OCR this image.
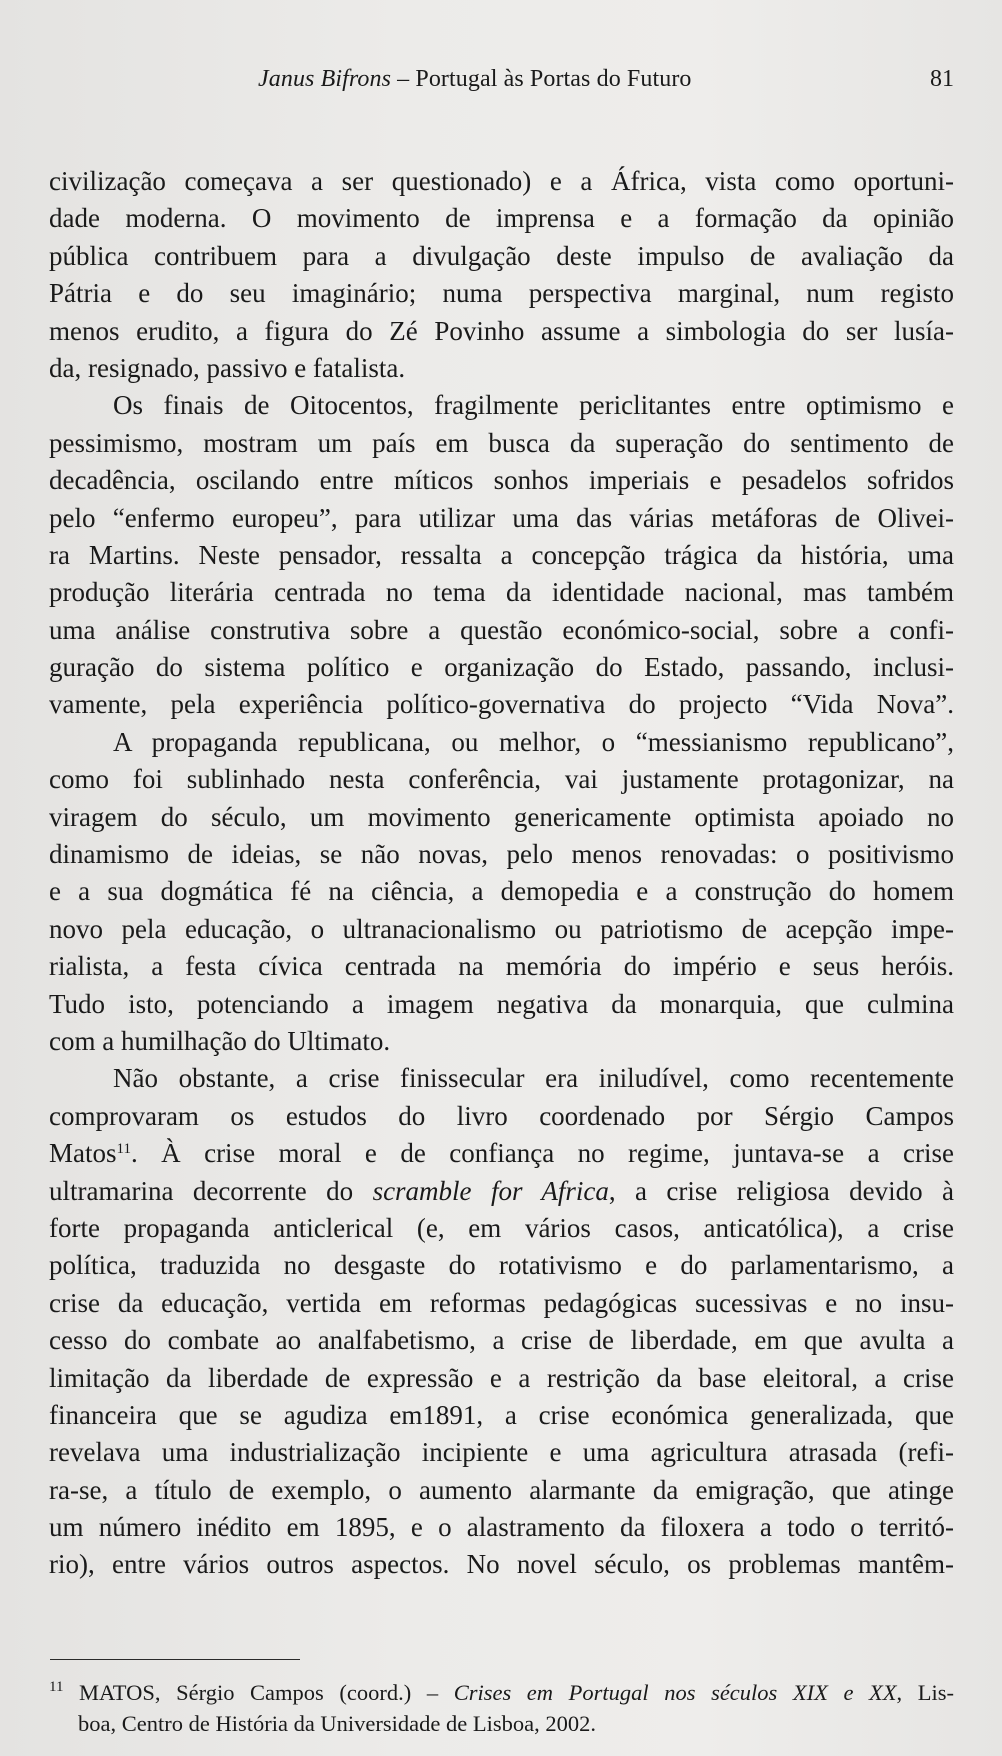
Janus Bifrons – Portugal às Portas do Futuro	81
civilização começava a ser questionado) e a África, vista como oportuni-
dade moderna. O movimento de imprensa e a formação da opinião
pública contribuem para a divulgação deste impulso de avaliação da
Pátria e do seu imaginário; numa perspectiva marginal, num registo
menos erudito, a figura do Zé Povinho assume a simbologia do ser lusía-
da, resignado, passivo e fatalista.
Os finais de Oitocentos, fragilmente periclitantes entre optimismo e
pessimismo, mostram um país em busca da superação do sentimento de
decadência, oscilando entre míticos sonhos imperiais e pesadelos sofridos
pelo “enfermo europeu”, para utilizar uma das várias metáforas de Olivei-
ra Martins. Neste pensador, ressalta a concepção trágica da história, uma
produção literária centrada no tema da identidade nacional, mas também
uma análise construtiva sobre a questão económico-social, sobre a confi-
guração do sistema político e organização do Estado, passando, inclusi-
vamente, pela experiência político-governativa do projecto “Vida Nova”.
A propaganda republicana, ou melhor, o “messianismo republicano”,
como foi sublinhado nesta conferência, vai justamente protagonizar, na
viragem do século, um movimento genericamente optimista apoiado no
dinamismo de ideias, se não novas, pelo menos renovadas: o positivismo
e a sua dogmática fé na ciência, a demopedia e a construção do homem
novo pela educação, o ultranacionalismo ou patriotismo de acepção impe-
rialista, a festa cívica centrada na memória do império e seus heróis.
Tudo isto, potenciando a imagem negativa da monarquia, que culmina
com a humilhação do Ultimato.
Não obstante, a crise finissecular era iniludível, como recentemente
comprovaram os estudos do livro coordenado por Sérgio Campos
Matos$^{11}$. À crise moral e de confiança no regime, juntava-se a crise
ultramarina decorrente do scramble for Africa, a crise religiosa devido à
forte propaganda anticlerical (e, em vários casos, anticatólica), a crise
política, traduzida no desgaste do rotativismo e do parlamentarismo, a
crise da educação, vertida em reformas pedagógicas sucessivas e no insu-
cesso do combate ao analfabetismo, a crise de liberdade, em que avulta a
limitação da liberdade de expressão e a restrição da base eleitoral, a crise
financeira que se agudiza em1891, a crise económica generalizada, que
revelava uma industrialização incipiente e uma agricultura atrasada (refi-
ra-se, a título de exemplo, o aumento alarmante da emigração, que atinge
um número inédito em 1895, e o alastramento da filoxera a todo o territó-
rio), entre vários outros aspectos. No novel século, os problemas mantêm-
$^{11}$ MATOS, Sérgio Campos (coord.) – Crises em Portugal nos séculos XIX e XX, Lis-
boa, Centro de História da Universidade de Lisboa, 2002.
